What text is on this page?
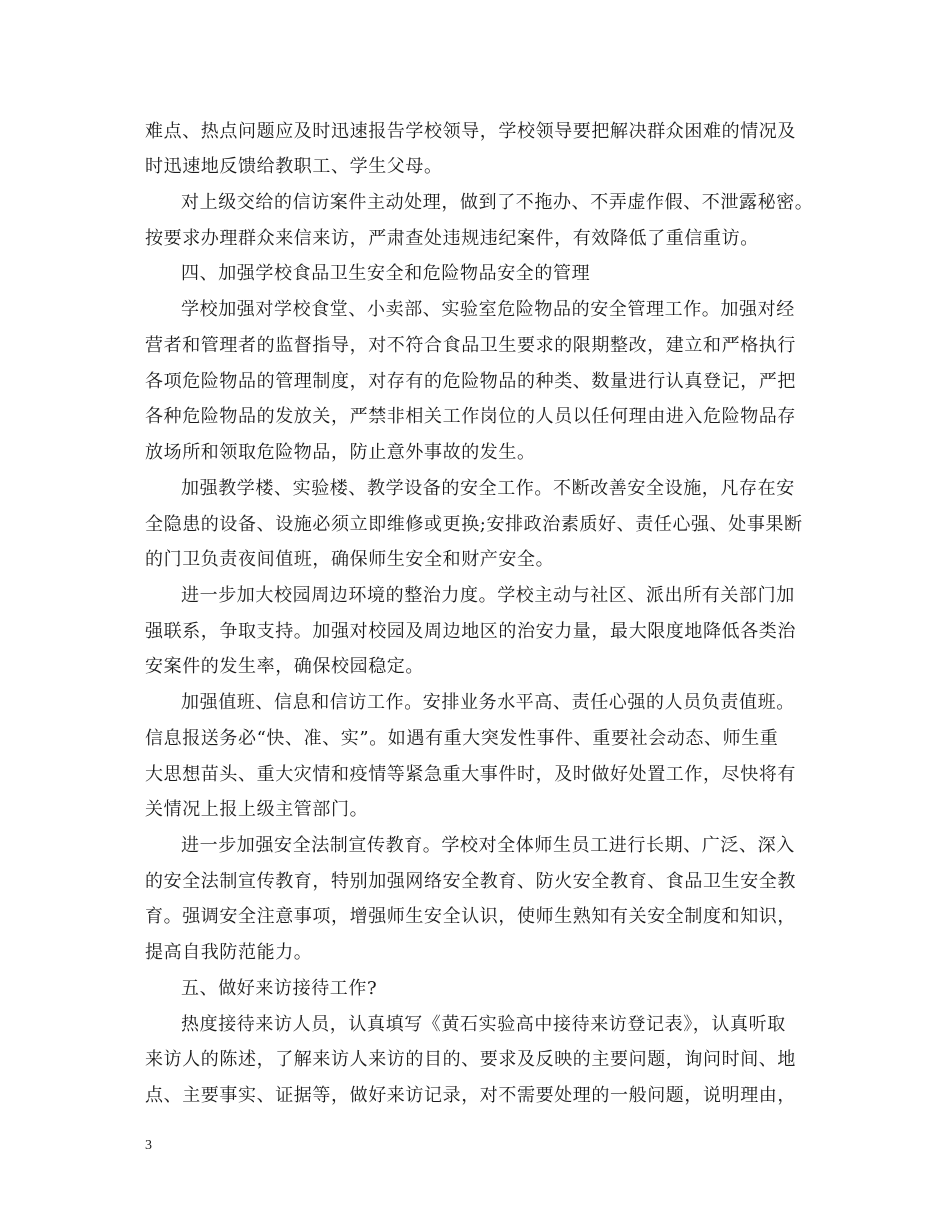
难点、热点问题应及时迅速报告学校领导，学校领导要把解决群众困难的情况及
时迅速地反馈给教职工、学生父母。
对上级交给的信访案件主动处理，做到了不拖办、不弄虚作假、不泄露秘密。
按要求办理群众来信来访，严肃查处违规违纪案件，有效降低了重信重访。
四、加强学校食品卫生安全和危险物品安全的管理
学校加强对学校食堂、小卖部、实验室危险物品的安全管理工作。加强对经
营者和管理者的监督指导，对不符合食品卫生要求的限期整改，建立和严格执行
各项危险物品的管理制度，对存有的危险物品的种类、数量进行认真登记，严把
各种危险物品的发放关，严禁非相关工作岗位的人员以任何理由进入危险物品存
放场所和领取危险物品，防止意外事故的发生。
加强教学楼、实验楼、教学设备的安全工作。不断改善安全设施，凡存在安
全隐患的设备、设施必须立即维修或更换;安排政治素质好、责任心强、处事果断
的门卫负责夜间值班，确保师生安全和财产安全。
进一步加大校园周边环境的整治力度。学校主动与社区、派出所有关部门加
强联系，争取支持。加强对校园及周边地区的治安力量，最大限度地降低各类治
安案件的发生率，确保校园稳定。
加强值班、信息和信访工作。安排业务水平高、责任心强的人员负责值班。
信息报送务必“快、准、实”。如遇有重大突发性事件、重要社会动态、师生重
大思想苗头、重大灾情和疫情等紧急重大事件时，及时做好处置工作，尽快将有
关情况上报上级主管部门。
进一步加强安全法制宣传教育。学校对全体师生员工进行长期、广泛、深入
的安全法制宣传教育，特别加强网络安全教育、防火安全教育、食品卫生安全教
育。强调安全注意事项，增强师生安全认识，使师生熟知有关安全制度和知识，
提高自我防范能力。
五、做好来访接待工作?
热度接待来访人员，认真填写《黄石实验高中接待来访登记表》，认真听取
来访人的陈述，了解来访人来访的目的、要求及反映的主要问题，询问时间、地
点、主要事实、证据等，做好来访记录，对不需要处理的一般问题，说明理由，
3
